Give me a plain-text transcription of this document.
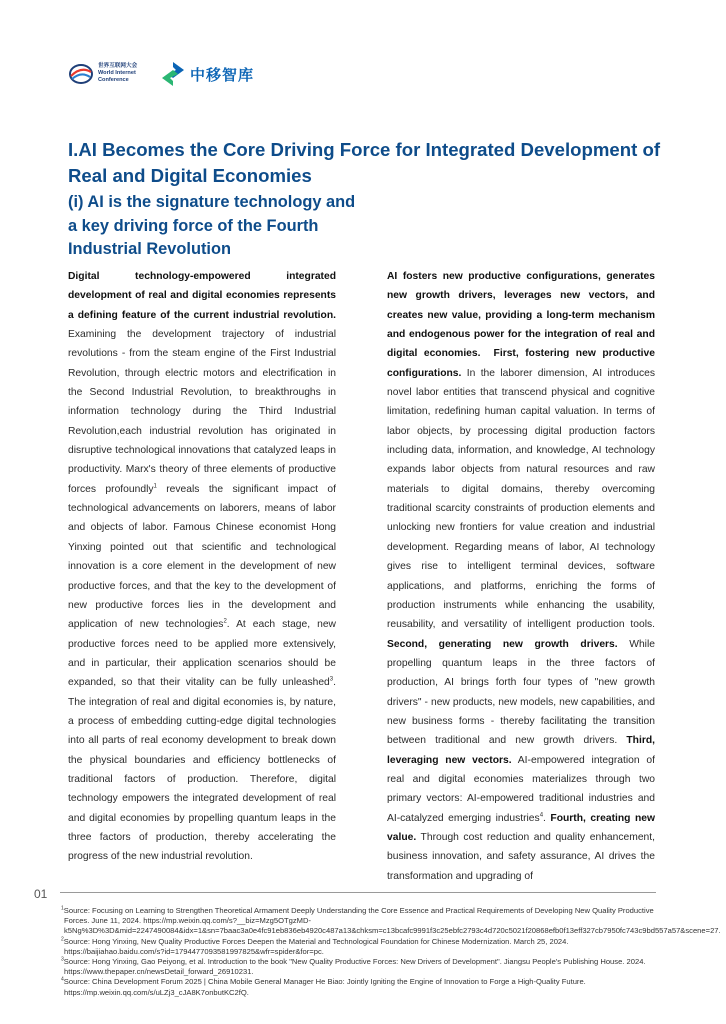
世界互联网大会
World Internet
Conference	中移智库
I.AI Becomes the Core Driving Force for Integrated Development of Real and Digital Economies
(i) AI is the signature technology and a key driving force of the Fourth Industrial Revolution
Digital technology-empowered integrated development of real and digital economies represents a defining feature of the current industrial revolution. Examining the development trajectory of industrial revolutions - from the steam engine of the First Industrial Revolution, through electric motors and electrification in the Second Industrial Revolution, to breakthroughs in information technology during the Third Industrial Revolution,each industrial revolution has originated in disruptive technological innovations that catalyzed leaps in productivity. Marx's theory of three elements of productive forces profoundly$^1$ reveals the significant impact of technological advancements on laborers, means of labor and objects of labor. Famous Chinese economist Hong Yinxing pointed out that scientific and technological innovation is a core element in the development of new productive forces, and that the key to the development of new productive forces lies in the development and application of new technologies$^2$. At each stage, new productive forces need to be applied more extensively, and in particular, their application scenarios should be expanded, so that their vitality can be fully unleashed$^3$. The integration of real and digital economies is, by nature, a process of embedding cutting-edge digital technologies into all parts of real economy development to break down the physical boundaries and efficiency bottlenecks of traditional factors of production. Therefore, digital technology empowers the integrated development of real and digital economies by propelling quantum leaps in the three factors of production, thereby accelerating the progress of the new industrial revolution.
AI fosters new productive configurations, generates new growth drivers, leverages new vectors, and creates new value, providing a long-term mechanism and endogenous power for the integration of real and digital economies. First, fostering new productive configurations. In the laborer dimension, AI introduces novel labor entities that transcend physical and cognitive limitation, redefining human capital valuation. In terms of labor objects, by processing digital production factors including data, information, and knowledge, AI technology expands labor objects from natural resources and raw materials to digital domains, thereby overcoming traditional scarcity constraints of production elements and unlocking new frontiers for value creation and industrial development. Regarding means of labor, AI technology gives rise to intelligent terminal devices, software applications, and platforms, enriching the forms of production instruments while enhancing the usability, reusability, and versatility of intelligent production tools. Second, generating new growth drivers. While propelling quantum leaps in the three factors of production, AI brings forth four types of "new growth drivers" - new products, new models, new capabilities, and new business forms - thereby facilitating the transition between traditional and new growth drivers. Third, leveraging new vectors. AI-empowered integration of real and digital economies materializes through two primary vectors: AI-empowered traditional industries and AI-catalyzed emerging industries$^4$. Fourth, creating new value. Through cost reduction and quality enhancement, business innovation, and safety assurance, AI drives the transformation and upgrading of
01

$^1$Source: Focusing on Learning to Strengthen Theoretical Armament Deeply Understanding the Core Essence and Practical Requirements of Developing New Quality Productive Forces. June 11, 2024. https://mp.weixin.qq.com/s?__biz=Mzg5OTgzMD-k5Ng%3D%3D&mid=2247490084&idx=1&sn=7baac3a0e4fc91eb836eb4920c487a13&chksm=c13bcafc9991f3c25ebfc2793c4d720c5021f20868efb0f13eff327cb7950fc743c9bd557a57&scene=27.

$^2$Source: Hong Yinxing, New Quality Productive Forces Deepen the Material and Technological Foundation for Chinese Modernization. March 25, 2024. https://baijiahao.baidu.com/s?id=1794477093581997825&wfr=spider&for=pc.

$^3$Source: Hong Yinxing, Gao Peiyong, et al. Introduction to the book "New Quality Productive Forces: New Drivers of Development". Jiangsu People's Publishing House. 2024. https://www.thepaper.cn/newsDetail_forward_26910231.

$^4$Source: China Development Forum 2025 | China Mobile General Manager He Biao: Jointly Igniting the Engine of Innovation to Forge a High-Quality Future. https://mp.weixin.qq.com/s/uLZj3_cJA8K7onbutKC2fQ.
